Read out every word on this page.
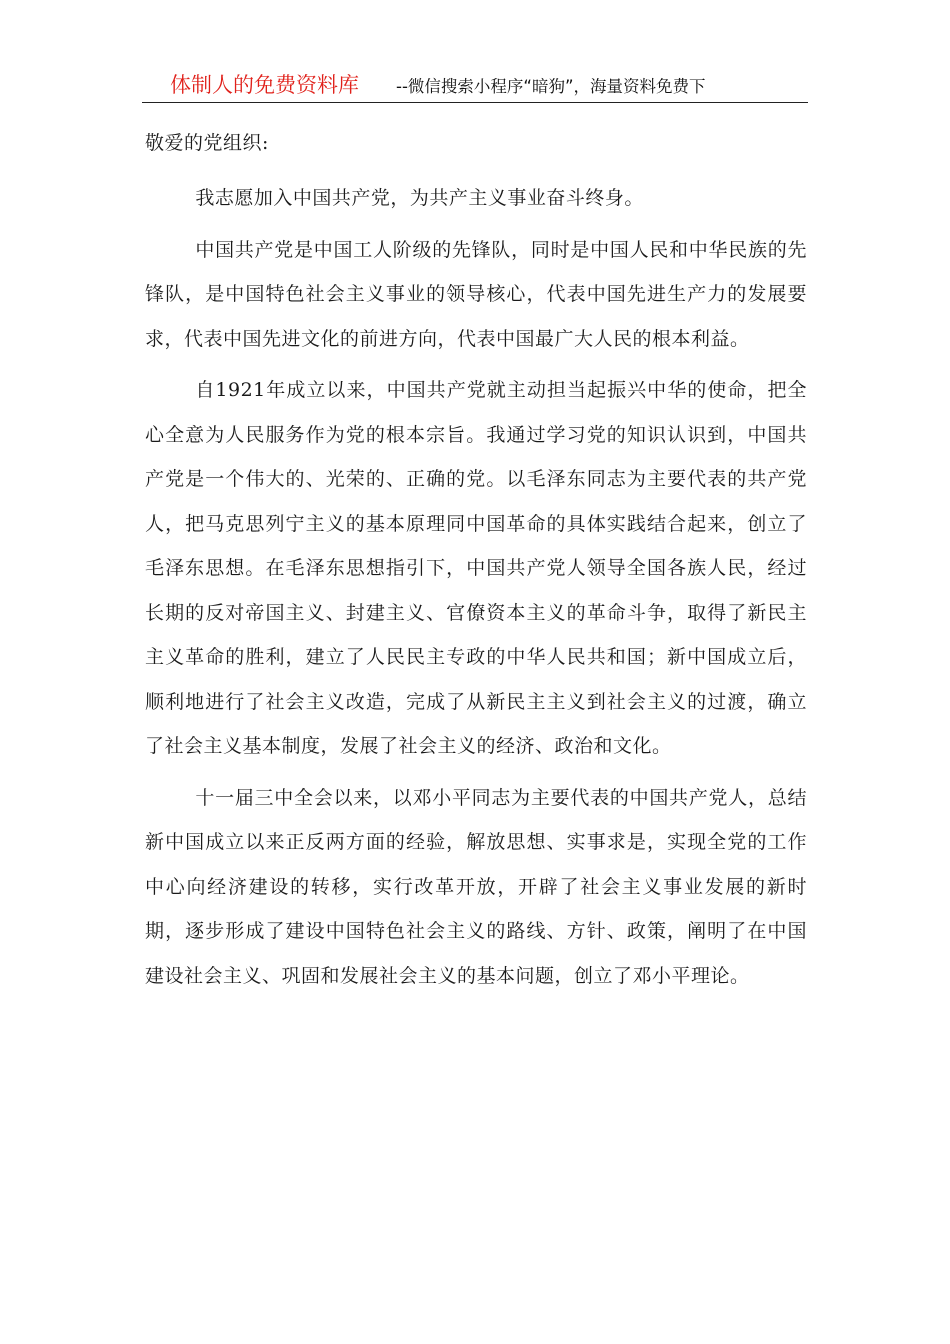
体制人的免费资料库 --微信搜索小程序“暗狗”，海量资料免费下

敬爱的党组织:

我志愿加入中国共产党，为共产主义事业奋斗终身。

中国共产党是中国工人阶级的先锋队，同时是中国人民和中华民族的先锋队，是中国特色社会主义事业的领导核心，代表中国先进生产力的发展要求，代表中国先进文化的前进方向，代表中国最广大人民的根本利益。

自1921年成立以来，中国共产党就主动担当起振兴中华的使命，把全心全意为人民服务作为党的根本宗旨。我通过学习党的知识认识到，中国共产党是一个伟大的、光荣的、正确的党。以毛泽东同志为主要代表的共产党人，把马克思列宁主义的基本原理同中国革命的具体实践结合起来，创立了毛泽东思想。在毛泽东思想指引下，中国共产党人领导全国各族人民，经过长期的反对帝国主义、封建主义、官僚资本主义的革命斗争，取得了新民主主义革命的胜利，建立了人民民主专政的中华人民共和国；新中国成立后，顺利地进行了社会主义改造，完成了从新民主主义到社会主义的过渡，确立了社会主义基本制度，发展了社会主义的经济、政治和文化。

十一届三中全会以来，以邓小平同志为主要代表的中国共产党人，总结新中国成立以来正反两方面的经验，解放思想、实事求是，实现全党的工作中心向经济建设的转移，实行改革开放，开辟了社会主义事业发展的新时期，逐步形成了建设中国特色社会主义的路线、方针、政策，阐明了在中国建设社会主义、巩固和发展社会主义的基本问题，创立了邓小平理论。
